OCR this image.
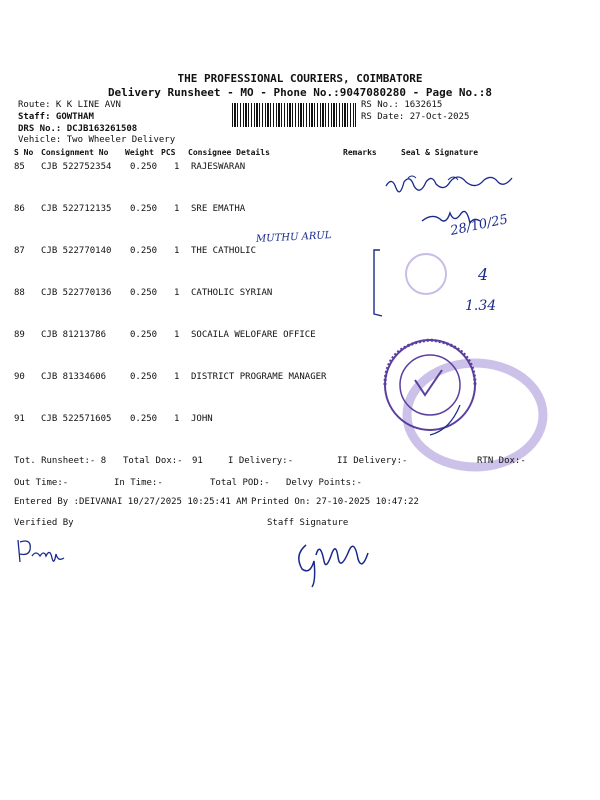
THE PROFESSIONAL COURIERS, COIMBATORE
Delivery Runsheet - MO - Phone No.:9047080280 - Page No.:8
Route: K K LINE AVN
Staff: GOWTHAM
DRS No.: DCJB163261508
Vehicle: Two Wheeler Delivery
RS No.: 1632615
RS Date: 27-Oct-2025
S No Consignment No Weight PCS Consignee Details	Remarks	Seal & Signature
85 CJB 522752354 0.250 1 RAJESWARAN
86 CJB 522712135 0.250 1 SRE EMATHA
87 CJB 522770140 0.250 1 THE CATHOLIC
88 CJB 522770136 0.250 1 CATHOLIC SYRIAN
89 CJB 81213786	0.250 1 SOCAILA WELOFARE OFFICE
90 CJB 81334606	0.250 1 DISTRICT PROGRAME MANAGER
91 CJB 522571605 0.250 1 JOHN
28/10/25
MUTHU ARUL
4
1.34
Tot. Runsheet:- 8 Total Dox:- 91	I Delivery:-	II Delivery:-	RTN Dox:-
Out Time:-	In Time:-	Total POD:- Delvy Points:-
Entered By :DEIVANAI 10/27/2025 10:25:41 AM Printed On: 27-10-2025 10:47:22
Verified By	Staff Signature
